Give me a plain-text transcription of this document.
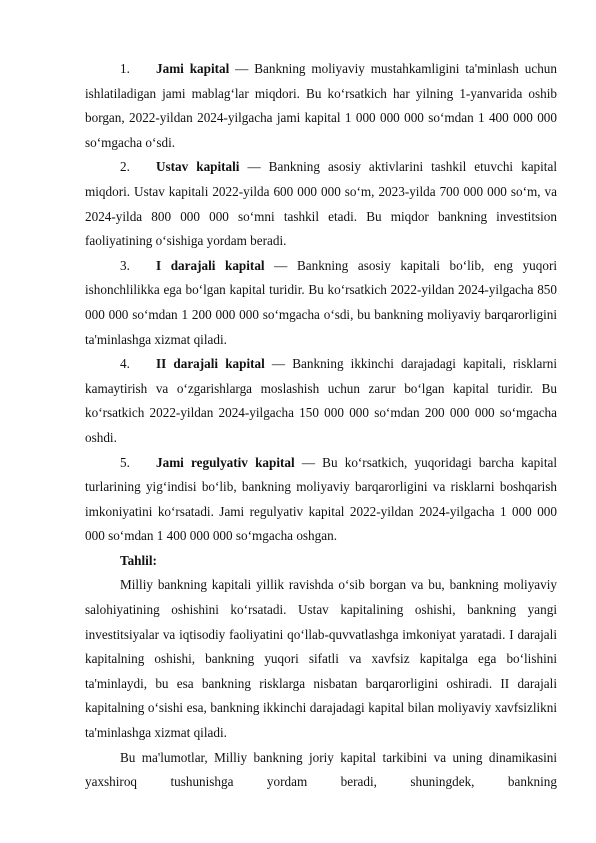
1. Jami kapital — Bankning moliyaviy mustahkamligini ta'minlash uchun ishlatiladigan jami mablag‘lar miqdori. Bu ko‘rsatkich har yilning 1-yanvarida oshib borgan, 2022-yildan 2024-yilgacha jami kapital 1 000 000 000 so‘mdan 1 400 000 000 so‘mgacha o‘sdi.

2. Ustav kapitali — Bankning asosiy aktivlarini tashkil etuvchi kapital miqdori. Ustav kapitali 2022-yilda 600 000 000 so‘m, 2023-yilda 700 000 000 so‘m, va 2024-yilda 800 000 000 so‘mni tashkil etadi. Bu miqdor bankning investitsion faoliyatining o‘sishiga yordam beradi.

3. I darajali kapital — Bankning asosiy kapitali bo‘lib, eng yuqori ishonchlilikka ega bo‘lgan kapital turidir. Bu ko‘rsatkich 2022-yildan 2024-yilgacha 850 000 000 so‘mdan 1 200 000 000 so‘mgacha o‘sdi, bu bankning moliyaviy barqarorligini ta'minlashga xizmat qiladi.

4. II darajali kapital — Bankning ikkinchi darajadagi kapitali, risklarni kamaytirish va o‘zgarishlarga moslashish uchun zarur bo‘lgan kapital turidir. Bu ko‘rsatkich 2022-yildan 2024-yilgacha 150 000 000 so‘mdan 200 000 000 so‘mgacha oshdi.

5. Jami regulyativ kapital — Bu ko‘rsatkich, yuqoridagi barcha kapital turlarining yig‘indisi bo‘lib, bankning moliyaviy barqarorligini va risklarni boshqarish imkoniyatini ko‘rsatadi. Jami regulyativ kapital 2022-yildan 2024-yilgacha 1 000 000 000 so‘mdan 1 400 000 000 so‘mgacha oshgan.

Tahlil:

Milliy bankning kapitali yillik ravishda o‘sib borgan va bu, bankning moliyaviy salohiyatining oshishini ko‘rsatadi. Ustav kapitalining oshishi, bankning yangi investitsiyalar va iqtisodiy faoliyatini qo‘llab-quvvatlashga imkoniyat yaratadi. I darajali kapitalning oshishi, bankning yuqori sifatli va xavfsiz kapitalga ega bo‘lishini ta'minlaydi, bu esa bankning risklarga nisbatan barqarorligini oshiradi. II darajali kapitalning o‘sishi esa, bankning ikkinchi darajadagi kapital bilan moliyaviy xavfsizlikni ta'minlashga xizmat qiladi.

Bu ma'lumotlar, Milliy bankning joriy kapital tarkibini va uning dinamikasini yaxshiroq tushunishga yordam beradi, shuningdek, bankning
